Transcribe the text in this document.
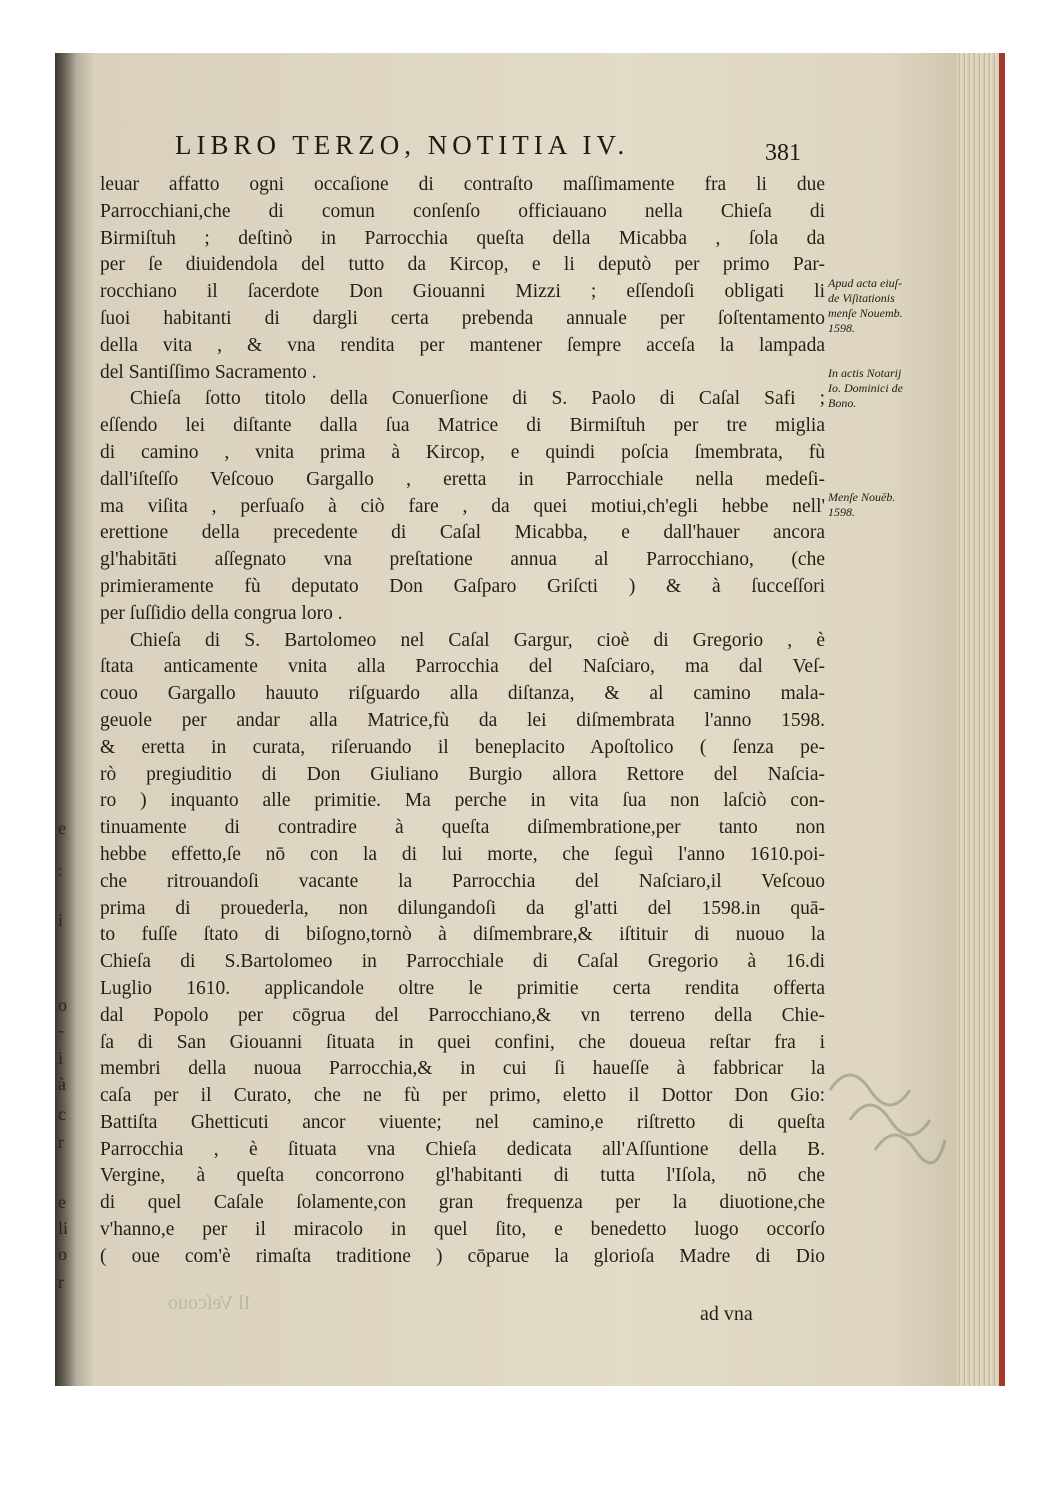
LIBRO TERZO, NOTITIA IV.	381
leuar affatto ogni occaſione di contraſto maſſimamente fra li due
Parrocchiani,che di comun conſenſo officiauano nella Chieſa di
Birmiſtuh ; deſtinò in Parrocchia queſta della Micabba , ſola da
per ſe diuidendola del tutto da Kircop, e li deputò per primo Par-
rocchiano il ſacerdote Don Giouanni Mizzi ; eſſendoſi obligati li
ſuoi habitanti di dargli certa prebenda annuale per ſoſtentamento
della vita , & vna rendita per mantener ſempre acceſa la lampada
del Santiſſimo Sacramento .
Chieſa ſotto titolo della Conuerſione di S. Paolo di Caſal Safi ;
eſſendo lei diſtante dalla ſua Matrice di Birmiſtuh per tre miglia
di camino , vnita prima à Kircop, e quindi poſcia ſmembrata, fù
dall'iſteſſo Veſcouo Gargallo , eretta in Parrocchiale nella medeſi-
ma viſita , perſuaſo à ciò fare , da quei motiui,ch'egli hebbe nell'
erettione della precedente di Caſal Micabba, e dall'hauer ancora
gl'habitāti aſſegnato vna preſtatione annua al Parrocchiano, (che
primieramente fù deputato Don Gaſparo Griſcti ) & à ſucceſſori
per ſuſſidio della congrua loro .
Chieſa di S. Bartolomeo nel Caſal Gargur, cioè di Gregorio , è
ſtata anticamente vnita alla Parrocchia del Naſciaro, ma dal Veſ-
couo Gargallo hauuto riſguardo alla diſtanza, & al camino mala-
geuole per andar alla Matrice,fù da lei diſmembrata l'anno 1598.
& eretta in curata, riſeruando il beneplacito Apoſtolico ( ſenza pe-
rò pregiuditio di Don Giuliano Burgio allora Rettore del Naſcia-
ro ) inquanto alle primitie. Ma perche in vita ſua non laſciò con-
tinuamente di contradire à queſta diſmembratione,per tanto non
hebbe effetto,ſe nō con la di lui morte, che ſeguì l'anno 1610.poi-
che ritrouandoſi vacante la Parrocchia del Naſciaro,il Veſcouo
prima di prouederla, non dilungandoſi da gl'atti del 1598.in quā-
to fuſſe ſtato di biſogno,tornò à diſmembrare,& iſtituir di nuouo la
Chieſa di S.Bartolomeo in Parrocchiale di Caſal Gregorio à 16.di
Luglio 1610. applicandole oltre le primitie certa rendita offerta
dal Popolo per cōgrua del Parrocchiano,& vn terreno della Chie-
ſa di San Giouanni ſituata in quei confini, che doueua reſtar fra i
membri della nuoua Parrocchia,& in cui ſi haueſſe à fabbricar la
caſa per il Curato, che ne fù per primo, eletto il Dottor Don Gio:
Battiſta Ghetticuti ancor viuente; nel camino,e riſtretto di queſta
Parrocchia , è ſituata vna Chieſa dedicata all'Aſſuntione della B.
Vergine, à queſta concorrono gl'habitanti di tutta l'Iſola, nō che
di quel Caſale ſolamente,con gran frequenza per la diuotione,che
v'hanno,e per il miracolo in quel ſito, e benedetto luogo occorſo
( oue com'è rimaſta traditione ) cōparue la glorioſa Madre di Dio
Il Veſcouo	ad vna
Apud acta eiuſ-
de Viſitationis
menſe Nouemb.
1598.
In actis Notarij
Io. Dominici de
Bono.
Menſe Nouēb.
1598.
e
:
i
o
-
i
à
c
r
e
li
o
r
